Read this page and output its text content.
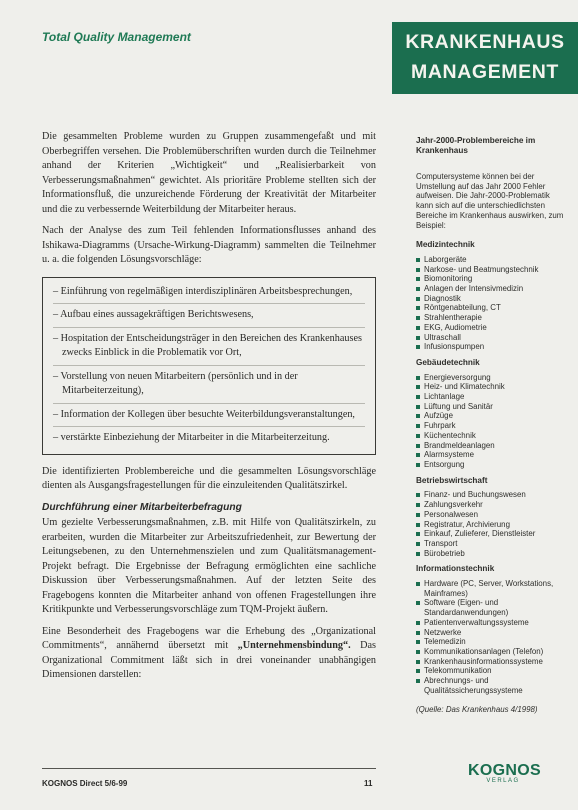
Total Quality Management	KRANKENHAUS
MANAGEMENT

Die gesammelten Probleme wurden zu Gruppen zusammengefaßt und mit Oberbegriffen versehen. Die Problemüberschriften wurden durch die Teilnehmer anhand der Kriterien „Wichtigkeit“ und „Realisierbarkeit von Verbesserungsmaßnahmen“ gewichtet. Als prioritäre Probleme stellten sich der Informationsfluß, die unzureichende Förderung der Kreativität der Mitarbeiter und die zu verbessernde Weiterbildung der Mitarbeiter heraus.

Nach der Analyse des zum Teil fehlenden Informationsflusses anhand des Ishikawa-Diagramms (Ursache-Wirkung-Diagramm) sammelten die Teilnehmer u. a. die folgenden Lösungsvorschläge:

– Einführung von regelmäßigen interdisziplinären Arbeitsbesprechungen,
– Aufbau eines aussagekräftigen Berichtswesens,
– Hospitation der Entscheidungsträger in den Bereichen des Krankenhauses zwecks Einblick in die Problematik vor Ort,
– Vorstellung von neuen Mitarbeitern (persönlich und in der Mitarbeiterzeitung),
– Information der Kollegen über besuchte Weiterbildungsveranstaltungen,
– verstärkte Einbeziehung der Mitarbeiter in die Mitarbeiterzeitung.

Die identifizierten Problembereiche und die gesammelten Lösungsvorschläge dienten als Ausgangsfragestellungen für die einzuleitenden Qualitätszirkel.

Durchführung einer Mitarbeiterbefragung

Um gezielte Verbesserungsmaßnahmen, z.B. mit Hilfe von Qualitätszirkeln, zu erarbeiten, wurden die Mitarbeiter zur Arbeitszufriedenheit, zur Bewertung der Leitungsebenen, zu den Unternehmenszielen und zum Qualitätsmanagement-Projekt befragt. Die Ergebnisse der Befragung ermöglichten eine sachliche Diskussion über Verbesserungsmaßnahmen. Auf der letzten Seite des Fragebogens konnten die Mitarbeiter anhand von offenen Fragestellungen ihre Kritikpunkte und Verbesserungsvorschläge zum TQM-Projekt äußern.

Eine Besonderheit des Fragebogens war die Erhebung des „Organizational Commitments“, annähernd übersetzt mit „Unternehmensbindung“. Das Organizational Commitment läßt sich in drei voneinander unabhängigen Dimensionen darstellen:

Jahr-2000-Problembereiche im Krankenhaus
Computersysteme können bei der Umstellung auf das Jahr 2000 Fehler aufweisen. Die Jahr-2000-Problematik kann sich auf die unterschiedlichsten Bereiche im Krankenhaus auswirken, zum Beispiel:
Medizintechnik
Laborgeräte
Narkose- und Beatmungstechnik
Biomonitoring
Anlagen der Intensivmedizin
Diagnostik
Röntgenabteilung, CT
Strahlentherapie
EKG, Audiometrie
Ultraschall
Infusionspumpen
Gebäudetechnik
Energieversorgung
Heiz- und Klimatechnik
Lichtanlage
Lüftung und Sanitär
Aufzüge
Fuhrpark
Küchentechnik
Brandmeldeanlagen
Alarmsysteme
Entsorgung
Betriebswirtschaft
Finanz- und Buchungswesen
Zahlungsverkehr
Personalwesen
Registratur, Archivierung
Einkauf, Zulieferer, Dienstleister
Transport
Bürobetrieb
Informationstechnik
Hardware (PC, Server, Workstations, Mainframes)
Software (Eigen- und Standardanwendungen)
Patientenverwaltungssysteme
Netzwerke
Telemedizin
Kommunikationsanlagen (Telefon)
Krankenhausinformationssysteme
Telekommunikation
Abrechnungs- und Qualitätssicherungssysteme
(Quelle: Das Krankenhaus 4/1998)
KOGNOS Direct 5/6-99	11
KOGNOS
VERLAG
